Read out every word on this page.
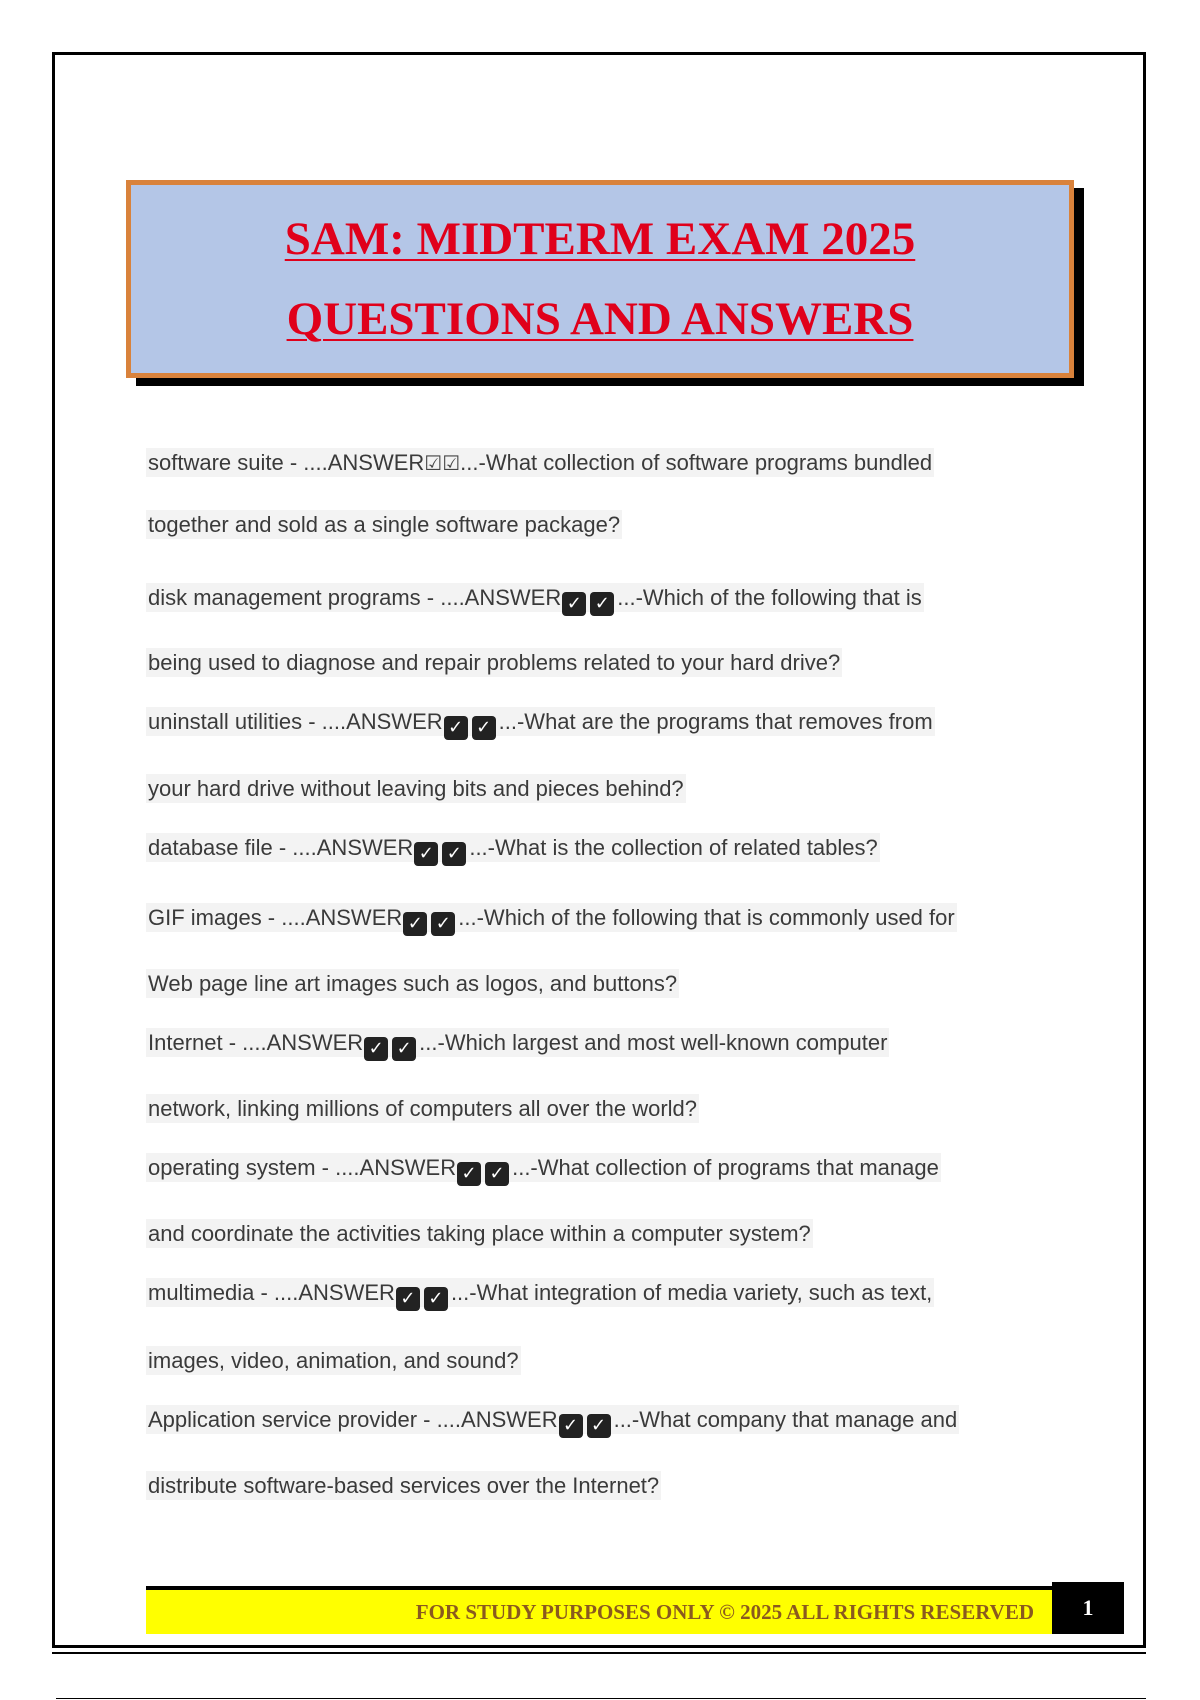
SAM: MIDTERM EXAM 2025
QUESTIONS AND ANSWERS
software suite - ....ANSWER☑☑...-What collection of software programs bundled
together and sold as a single software package?
disk management programs - ....ANSWER ✓ ✓ ...-Which of the following that is
being used to diagnose and repair problems related to your hard drive?
uninstall utilities - ....ANSWER ✓ ✓ ...-What are the programs that removes from
your hard drive without leaving bits and pieces behind?
database file - ....ANSWER ✓ ✓ ...-What is the collection of related tables?
GIF images - ....ANSWER ✓ ✓ ...-Which of the following that is commonly used for
Web page line art images such as logos, and buttons?
Internet - ....ANSWER ✓ ✓ ...-Which largest and most well-known computer
network, linking millions of computers all over the world?
operating system - ....ANSWER ✓ ✓ ...-What collection of programs that manage
and coordinate the activities taking place within a computer system?
multimedia - ....ANSWER ✓ ✓ ...-What integration of media variety, such as text,
images, video, animation, and sound?
Application service provider - ....ANSWER ✓ ✓ ...-What company that manage and
distribute software-based services over the Internet?
FOR STUDY PURPOSES ONLY © 2025 ALL RIGHTS RESERVED	1
